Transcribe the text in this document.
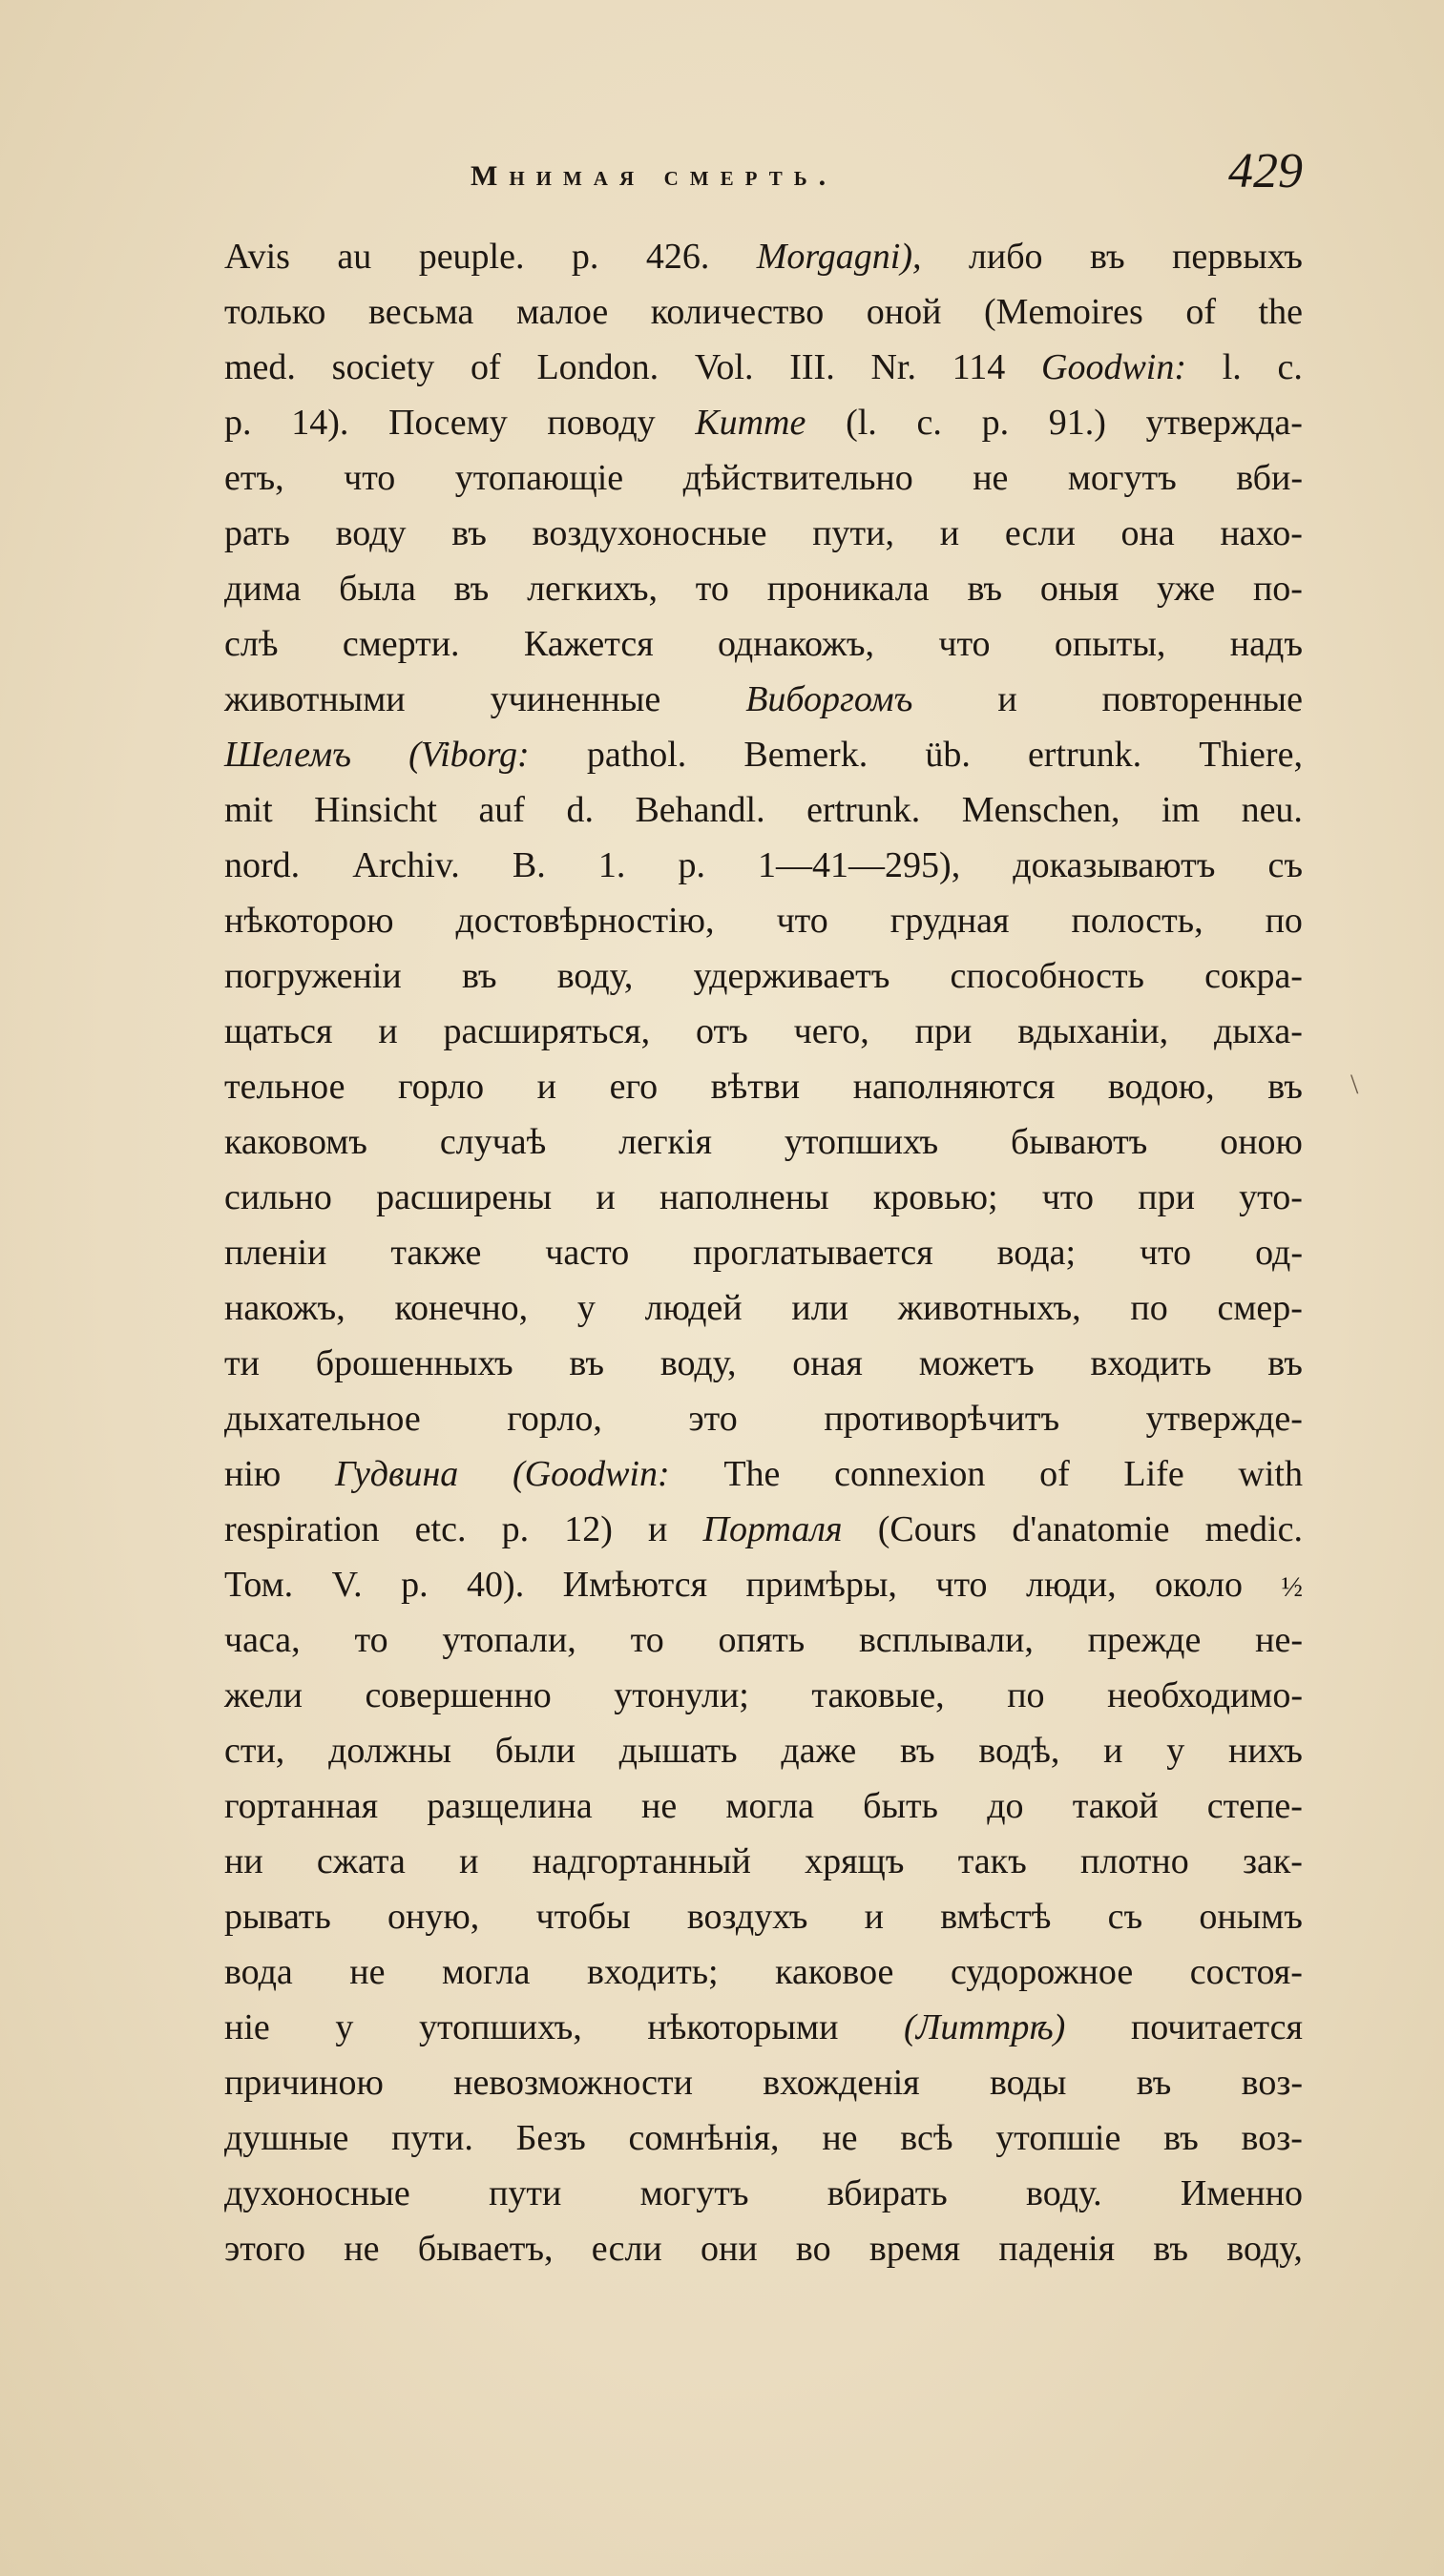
Мнимая смерть.	429
Avis au peuple. p. 426. Morgagni), либо въ первыхъ
только весьма малое количество оной (Memoires of the
med. society of London. Vol. III. Nr. 114 Goodwin: l. c.
p. 14). Посему поводу Китте (l. c. p. 91.) утвержда-
етъ, что утопающіе дѣйствительно не могутъ вби-
рать воду въ воздухоносные пути, и если она нахо-
дима была въ легкихъ, то проникала въ оныя уже по-
слѣ смерти. Кажется однакожъ, что опыты, надъ
животными учиненные Виборгомъ и повторенные
Шелемъ (Viborg: pathol. Bemerk. üb. ertrunk. Thiere,
mit Hinsicht auf d. Behandl. ertrunk. Menschen, im neu.
nord. Archiv. B. 1. p. 1—41—295), доказываютъ съ
нѣкоторою достовѣрностію, что грудная полость, по
погруженіи въ воду, удерживаетъ способность сокра-
щаться и расширяться, отъ чего, при вдыханіи, дыха-
тельное горло и его вѣтви наполняются водою, въ
каковомъ случаѣ легкія утопшихъ бываютъ оною
сильно расширены и наполнены кровью; что при уто-
пленіи также часто проглатывается вода; что од-
накожъ, конечно, у людей или животныхъ, по смер-
ти брошенныхъ въ воду, оная можетъ входить въ
дыхательное горло, это противорѣчитъ утвержде-
нію Гудвина (Goodwin: The connexion of Life with
respiration etc. p. 12) и Порталя (Cours d'anatomie medic.
Том. V. p. 40). Имѣются примѣры, что люди, около ½
часа, то утопали, то опять всплывали, прежде не-
жели совершенно утонули; таковые, по необходимо-
сти, должны были дышать даже въ водѣ, и у нихъ
гортанная разщелина не могла быть до такой степе-
ни сжата и надгортанный хрящъ такъ плотно зак-
рывать оную, чтобы воздухъ и вмѣстѣ съ онымъ
вода не могла входить; каковое судорожное состоя-
ніе у утопшихъ, нѣкоторыми (Литтрѣ) почитается
причиною невозможности вхожденія воды въ воз-
душные пути. Безъ сомнѣнія, не всѣ утопшіе въ воз-
духоносные пути могутъ вбирать воду. Именно
этого не бываетъ, если они во время паденія въ воду,
\
